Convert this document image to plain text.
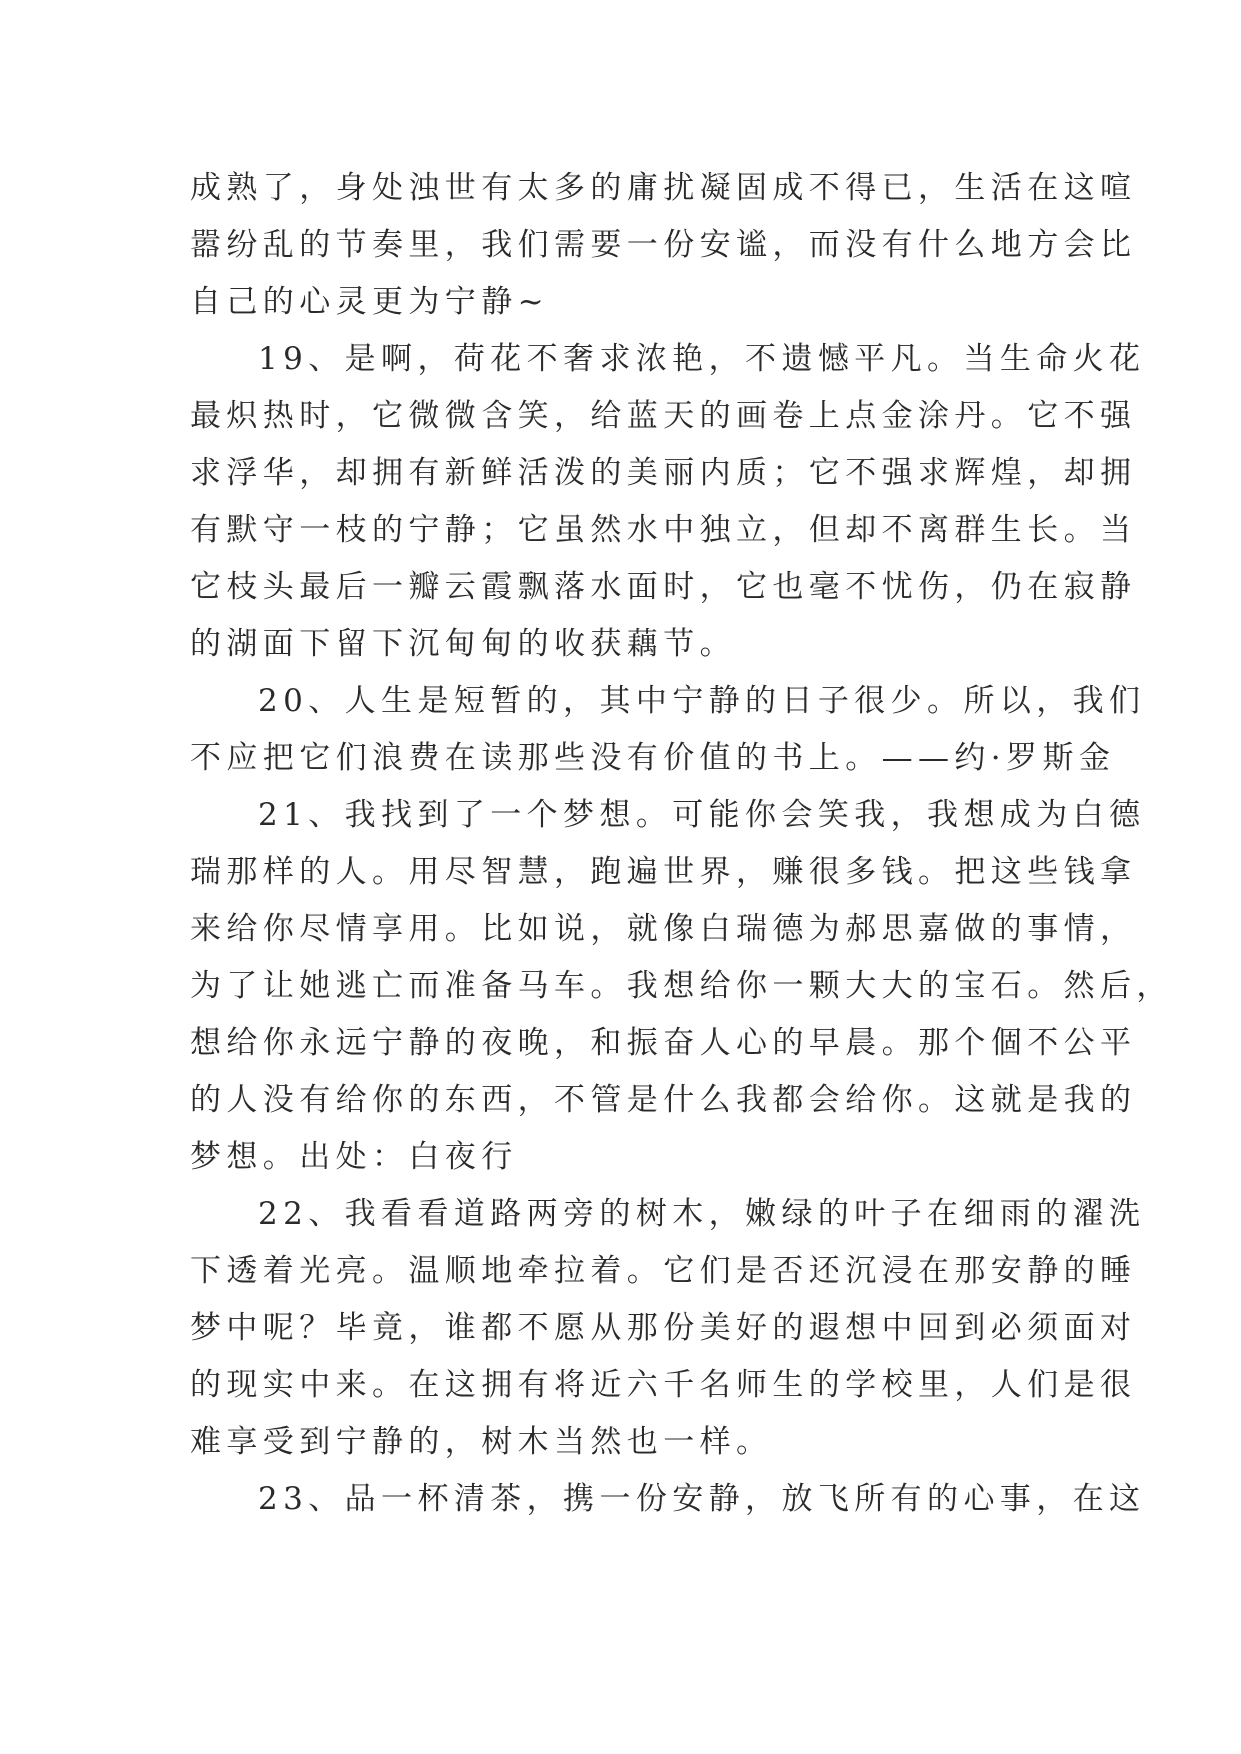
成熟了，身处浊世有太多的庸扰凝固成不得已，生活在这喧
嚣纷乱的节奏里，我们需要一份安谧，而没有什么地方会比
自己的心灵更为宁静~
19、是啊，荷花不奢求浓艳，不遗憾平凡。当生命火花
最炽热时，它微微含笑，给蓝天的画卷上点金涂丹。它不强
求浮华，却拥有新鲜活泼的美丽内质；它不强求辉煌，却拥
有默守一枝的宁静；它虽然水中独立，但却不离群生长。当
它枝头最后一瓣云霞飘落水面时，它也毫不忧伤，仍在寂静
的湖面下留下沉甸甸的收获藕节。
20、人生是短暂的，其中宁静的日子很少。所以，我们
不应把它们浪费在读那些没有价值的书上。——约·罗斯金
21、我找到了一个梦想。可能你会笑我，我想成为白德
瑞那样的人。用尽智慧，跑遍世界，赚很多钱。把这些钱拿
来给你尽情享用。比如说，就像白瑞德为郝思嘉做的事情，
为了让她逃亡而准备马车。我想给你一颗大大的宝石。然后，
想给你永远宁静的夜晚，和振奋人心的早晨。那个個不公平
的人没有给你的东西，不管是什么我都会给你。这就是我的
梦想。出处：白夜行
22、我看看道路两旁的树木，嫩绿的叶子在细雨的濯洗
下透着光亮。温顺地牵拉着。它们是否还沉浸在那安静的睡
梦中呢？毕竟，谁都不愿从那份美好的遐想中回到必须面对
的现实中来。在这拥有将近六千名师生的学校里，人们是很
难享受到宁静的，树木当然也一样。
23、品一杯清茶，携一份安静，放飞所有的心事，在这
